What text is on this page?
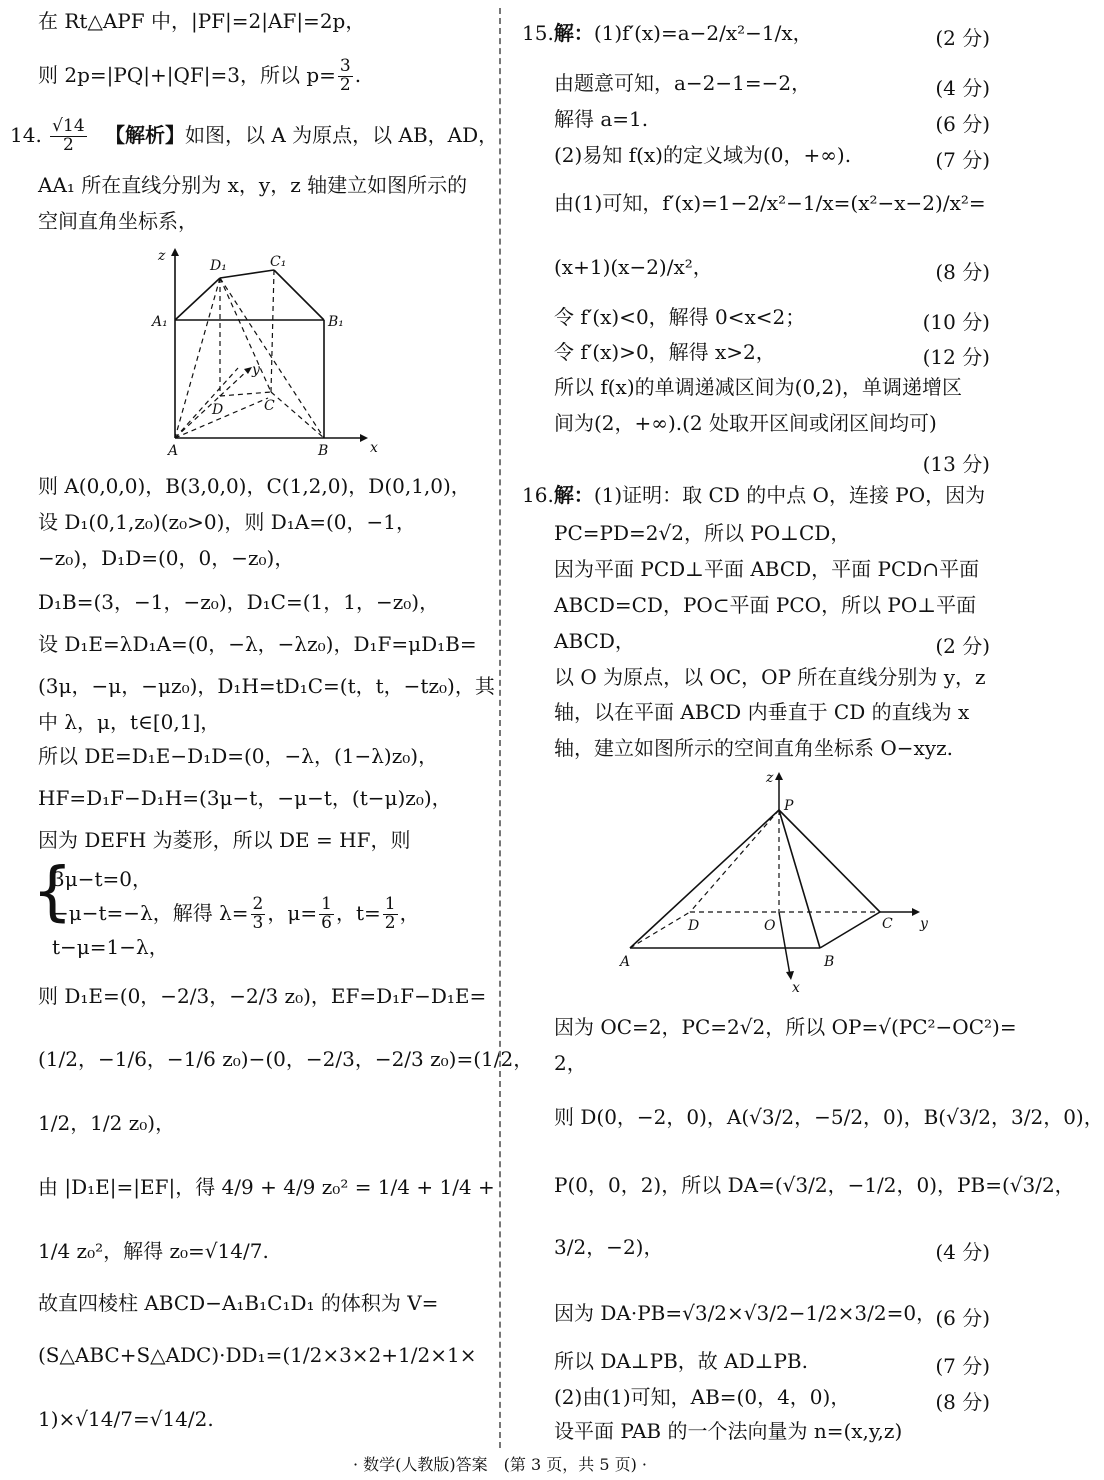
在 Rt△APF 中，|PF|=2|AF|=2p，
则 2p=|PQ|+|QF|=3，所以 $p= \frac{3}{2}$ .
14. $\frac{√14}{2}$ 【解析】如图，以 A 为原点，以 AB，AD，
AA₁ 所在直线分别为 x，y，z 轴建立如图所示的
空间直角坐标系，
z
x
y
A	B
C
D
A₁	B₁
C₁
D₁
则 A(0,0,0)，B(3,0,0)，C(1,2,0)，D(0,1,0)，
设 D₁(0,1,z₀)(z₀>0)，则 D₁A=(0，−1，
−z₀)，D₁D=(0，0，−z₀)，
D₁B=(3，−1，−z₀)，D₁C=(1，1，−z₀)，
设 D₁E=λD₁A=(0，−λ，−λz₀)，D₁F=μD₁B=
(3μ，−μ，−μz₀)，D₁H=tD₁C=(t，t，−tz₀)，其
中 λ，μ，t∈[0,1]，
所以 DE=D₁E−D₁D=(0，−λ，(1−λ)z₀)，
HF=D₁F−D₁H=(3μ−t，−μ−t，(t−μ)z₀)，
因为 DEFH 为菱形，所以 DE = HF，则
{
3μ−t=0，
−μ−t=−λ，解得 $\lambda= \frac{2}{3}$ ，$\mu= \frac{1}{6}$ ，$t= \frac{1}{2}$ ，
t−μ=1−λ，
则 D₁E=(0，−2/3，−2/3 z₀)，EF=D₁F−D₁E=
(1/2，−1/6，−1/6 z₀)−(0，−2/3，−2/3 z₀)=(1/2，
1/2，1/2 z₀)，
由 |D₁E|=|EF|，得 4/9 + 4/9 z₀² = 1/4 + 1/4 +
1/4 z₀²，解得 z₀=√14/7.
故直四棱柱 ABCD−A₁B₁C₁D₁ 的体积为 V=
(S△ABC+S△ADC)·DD₁=(1/2×3×2+1/2×1×
1)×√14/7=√14/2.
15.解：(1)f′(x)=a−2/x²−1/x，	(2 分)
由题意可知，a−2−1=−2，	(4 分)
解得 a=1.	(6 分)
(2)易知 f(x)的定义域为(0，+∞).	(7 分)
由(1)可知，f′(x)=1−2/x²−1/x=(x²−x−2)/x²=
(x+1)(x−2)/x²，	(8 分)
令 f′(x)<0，解得 0<x<2；	(10 分)
令 f′(x)>0，解得 x>2，	(12 分)
所以 f(x)的单调递减区间为(0,2)，单调递增区
间为(2，+∞).(2 处取开区间或闭区间均可)
(13 分)
16.解：(1)证明：取 CD 的中点 O，连接 PO，因为
PC=PD=2√2，所以 PO⊥CD，
因为平面 PCD⊥平面 ABCD，平面 PCD∩平面
ABCD=CD，PO⊂平面 PCO，所以 PO⊥平面
ABCD，	(2 分)
以 O 为原点，以 OC，OP 所在直线分别为 y，z
轴，以在平面 ABCD 内垂直于 CD 的直线为 x
轴，建立如图所示的空间直角坐标系 O−xyz.
z
y
x
P
A	B
C
D	O
因为 OC=2，PC=2√2，所以 OP=√(PC²−OC²)=
2，
则 D(0，−2，0)，A(√3/2，−5/2，0)，B(√3/2，3/2，0)，
P(0，0，2)，所以 DA=(√3/2，−1/2，0)，PB=(√3/2，
3/2，−2)，	(4 分)
因为 DA·PB=√3/2×√3/2−1/2×3/2=0， (6 分)
所以 DA⊥PB，故 AD⊥PB.	(7 分)
(2)由(1)可知，AB=(0，4，0)，	(8 分)
设平面 PAB 的一个法向量为 n=(x,y,z)
· 数学(人教版)答案　(第 3 页，共 5 页) ·
